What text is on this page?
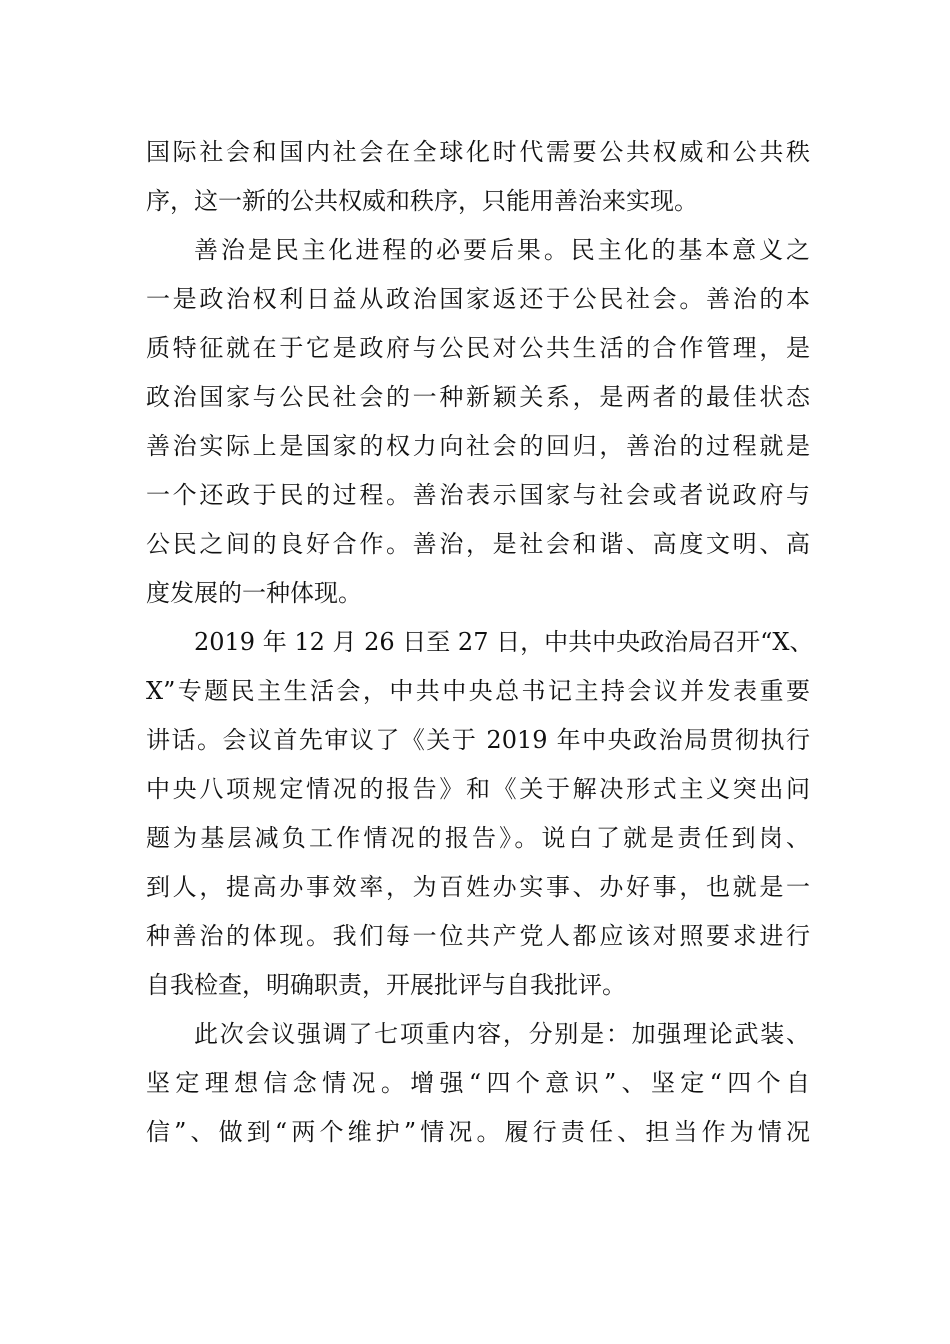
国际社会和国内社会在全球化时代需要公共权威和公共秩
序，这一新的公共权威和秩序，只能用善治来实现。
善治是民主化进程的必要后果。民主化的基本意义之
一是政治权利日益从政治国家返还于公民社会。善治的本
质特征就在于它是政府与公民对公共生活的合作管理，是
政治国家与公民社会的一种新颖关系，是两者的最佳状态
善治实际上是国家的权力向社会的回归，善治的过程就是
一个还政于民的过程。善治表示国家与社会或者说政府与
公民之间的良好合作。善治，是社会和谐、高度文明、高
度发展的一种体现。
2019 年 12 月 26 日至 27 日，中共中央政治局召开“X、
X”专题民主生活会，中共中央总书记主持会议并发表重要
讲话。会议首先审议了《关于 2019 年中央政治局贯彻执行
中央八项规定情况的报告》和《关于解决形式主义突出问
题为基层减负工作情况的报告》。说白了就是责任到岗、
到人，提高办事效率，为百姓办实事、办好事，也就是一
种善治的体现。我们每一位共产党人都应该对照要求进行
自我检查，明确职责，开展批评与自我批评。
此次会议强调了七项重内容，分别是：加强理论武装、
坚定理想信念情况。增强“四个意识”、坚定“四个自
信”、做到“两个维护”情况。履行责任、担当作为情况
